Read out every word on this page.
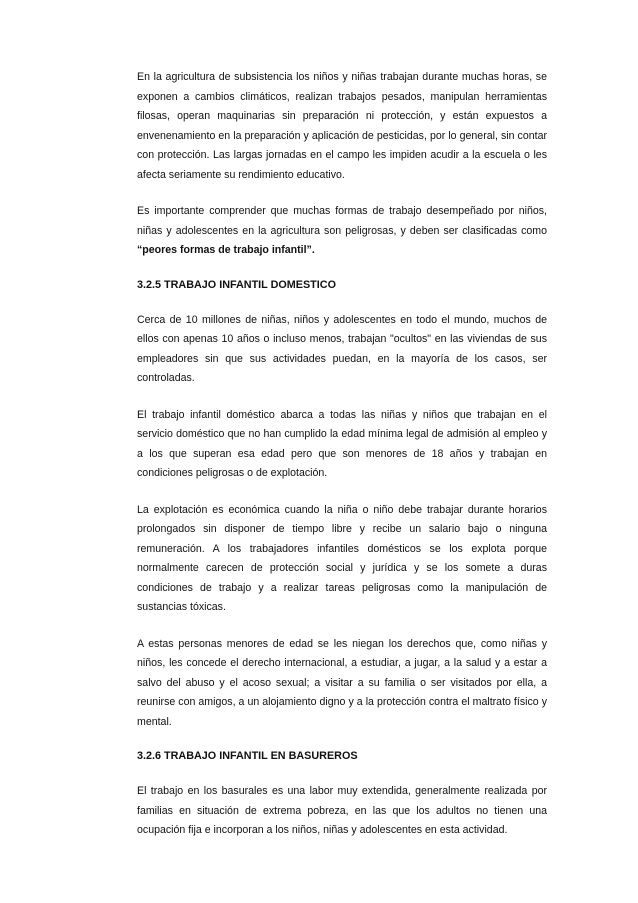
En la agricultura de subsistencia los niños y niñas trabajan durante muchas horas, se exponen a cambios climáticos, realizan trabajos pesados, manipulan herramientas filosas, operan maquinarias sin preparación ni protección, y están expuestos a envenenamiento en la preparación y aplicación de pesticidas, por lo general, sin contar con protección. Las largas jornadas en el campo les impiden acudir a la escuela o les afecta seriamente su rendimiento educativo.

Es importante comprender que muchas formas de trabajo desempeñado por niños, niñas y adolescentes en la agricultura son peligrosas, y deben ser clasificadas como “peores formas de trabajo infantil”.

3.2.5 TRABAJO INFANTIL DOMESTICO

Cerca de 10 millones de niñas, niños y adolescentes en todo el mundo, muchos de ellos con apenas 10 años o incluso menos, trabajan "ocultos" en las viviendas de sus empleadores sin que sus actividades puedan, en la mayoría de los casos, ser controladas.

El trabajo infantil doméstico abarca a todas las niñas y niños que trabajan en el servicio doméstico que no han cumplido la edad mínima legal de admisión al empleo y a los que superan esa edad pero que son menores de 18 años y trabajan en condiciones peligrosas o de explotación.

La explotación es económica cuando la niña o niño debe trabajar durante horarios prolongados sin disponer de tiempo libre y recibe un salario bajo o ninguna remuneración. A los trabajadores infantiles domésticos se los explota porque normalmente carecen de protección social y jurídica y se los somete a duras condiciones de trabajo y a realizar tareas peligrosas como la manipulación de sustancias tóxicas.

A estas personas menores de edad se les niegan los derechos que, como niñas y niños, les concede el derecho internacional, a estudiar, a jugar, a la salud y a estar a salvo del abuso y el acoso sexual; a visitar a su familia o ser visitados por ella, a reunirse con amigos, a un alojamiento digno y a la protección contra el maltrato físico y mental.

3.2.6 TRABAJO INFANTIL EN BASUREROS

El trabajo en los basurales es una labor muy extendida, generalmente realizada por familias en situación de extrema pobreza, en las que los adultos no tienen una ocupación fija e incorporan a los niños, niñas y adolescentes en esta actividad.
